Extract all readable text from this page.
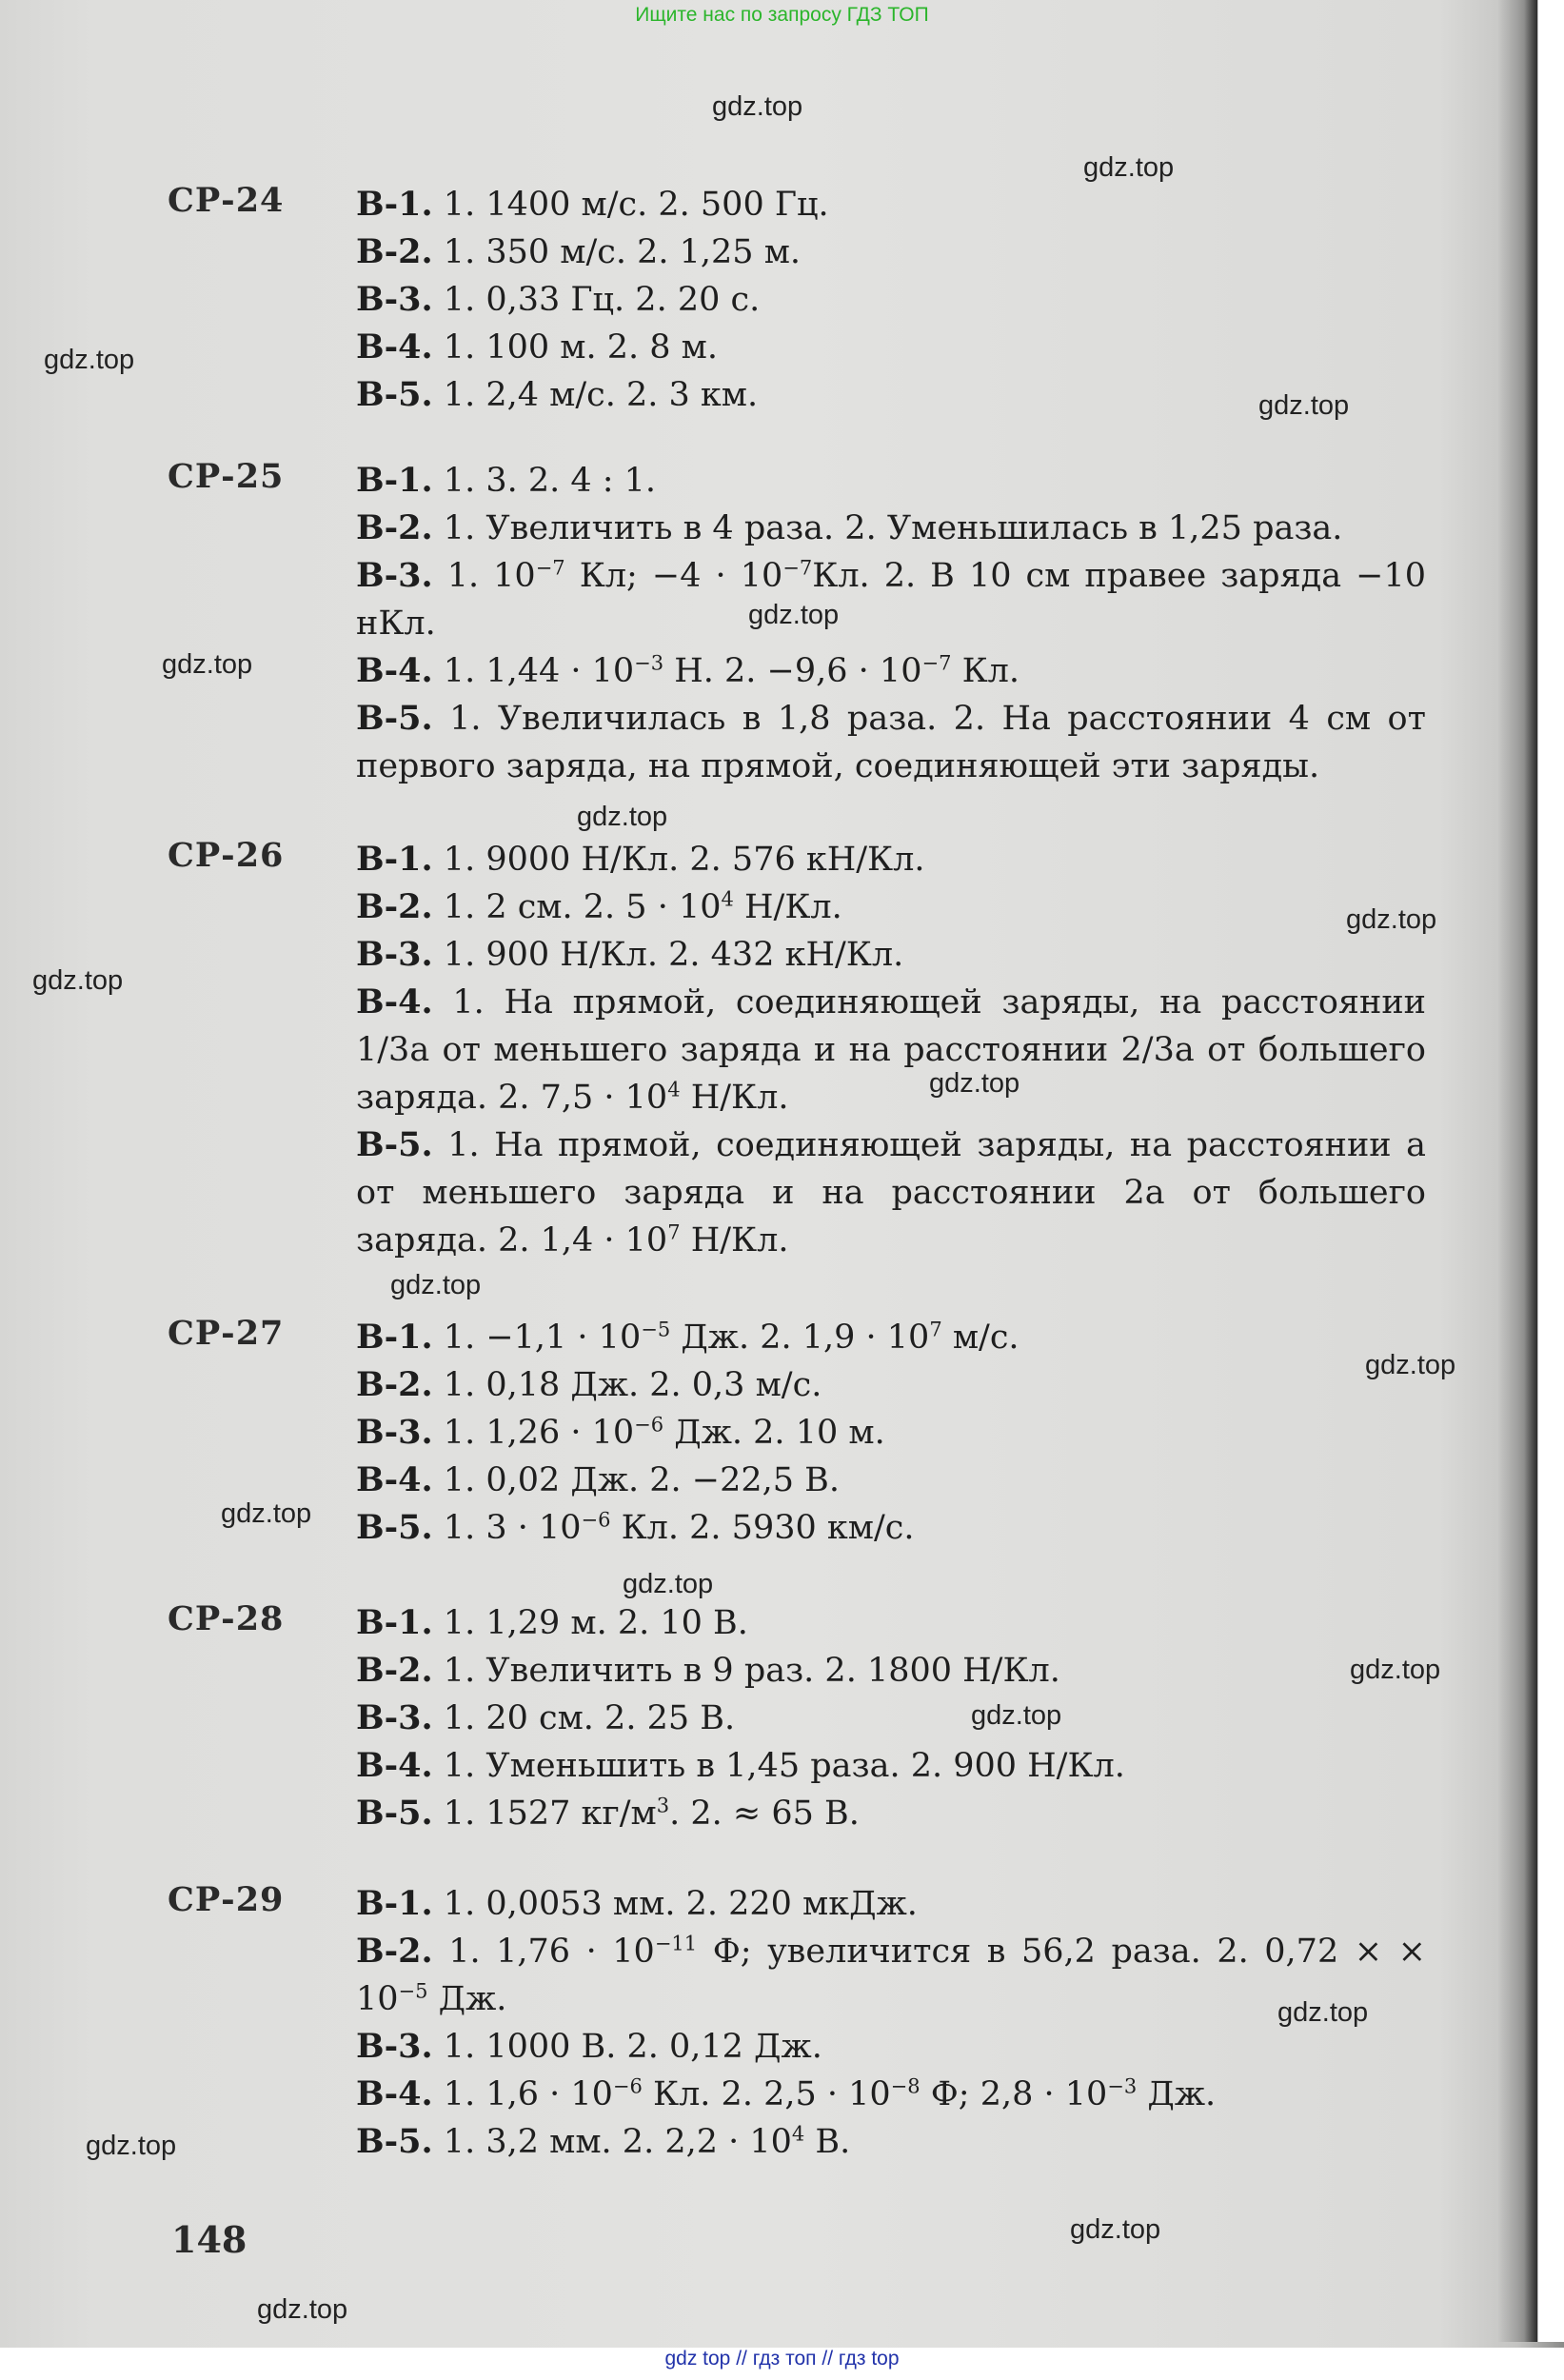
Ищите нас по запросу ГДЗ ТОП
СР-24 В-1. 1. 1400 м/с. 2. 500 Гц.
В-2. 1. 350 м/с. 2. 1,25 м.
В-3. 1. 0,33 Гц. 2. 20 с.
В-4. 1. 100 м. 2. 8 м.
В-5. 1. 2,4 м/с. 2. 3 км.
СР-25 В-1. 1. 3. 2. 4 : 1.
В-2. 1. Увеличить в 4 раза. 2. Уменьшилась в 1,25 раза.
В-3. 1. $10^{-7}$ Кл; $-4 \cdot 10^{-7}Кл$. 2. В 10 см правее заряда −10 нКл.
В-4. 1. $1,44 \cdot 10^{-3}$ Н. 2. $-9,6 \cdot 10^{-7}$ Кл.
В-5. 1. Увеличилась в 1,8 раза. 2. На расстоянии 4 см от первого заряда, на прямой, соединяющей эти заряды.
СР-26 В-1. 1. 9000 Н/Кл. 2. 576 кН/Кл.
В-2. 1. 2 см. 2. $5 \cdot 10^4$ Н/Кл.
В-3. 1. 900 Н/Кл. 2. 432 кН/Кл.
В-4. 1. На прямой, соединяющей заряды, на расстоянии 1/3a от меньшего заряда и на расстоянии 2/3a от большего заряда. 2. $7,5 \cdot 10^4$ Н/Кл.
В-5. 1. На прямой, соединяющей заряды, на расстоянии a от меньшего заряда и на расстоянии 2a от большего заряда. 2. $1,4 \cdot 10^7$ Н/Кл.
СР-27 В-1. 1. $-1,1 \cdot 10^{-5}$ Дж. 2. $1,9 \cdot 10^7$ м/с.
В-2. 1. 0,18 Дж. 2. 0,3 м/с.
В-3. 1. $1,26 \cdot 10^{-6}$ Дж. 2. 10 м.
В-4. 1. 0,02 Дж. 2. −22,5 В.
В-5. 1. $3 \cdot 10^{-6}$ Кл. 2. 5930 км/с.
СР-28 В-1. 1. 1,29 м. 2. 10 В.
В-2. 1. Увеличить в 9 раз. 2. 1800 Н/Кл.
В-3. 1. 20 см. 2. 25 В.
В-4. 1. Уменьшить в 1,45 раза. 2. 900 Н/Кл.
В-5. 1. 1527 $кг/м^3$. 2. ≈ 65 В.
СР-29 В-1. 1. 0,0053 мм. 2. 220 мкДж.
В-2. 1. $1,76 \cdot 10^{-11}$ Ф; увеличится в 56,2 раза. 2. 0,72 × × $10^{-5}$ Дж.
В-3. 1. 1000 В. 2. 0,12 Дж.
В-4. 1. $1,6 \cdot 10^{-6}$ Кл. 2. $2,5 \cdot 10^{-8}$ Ф; $2,8 \cdot 10^{-3}$ Дж.
В-5. 1. 3,2 мм. 2. $2,2 \cdot 10^4$ В.
148
gdz.top
gdz.top
gdz.top
gdz.top
gdz.top
gdz.top
gdz.top
gdz.top
gdz.top
gdz.top
gdz.top
gdz.top
gdz.top
gdz.top
gdz.top
gdz.top
gdz.top
gdz.top
gdz.top
gdz.top
gdz top // гдз топ // гдз top
